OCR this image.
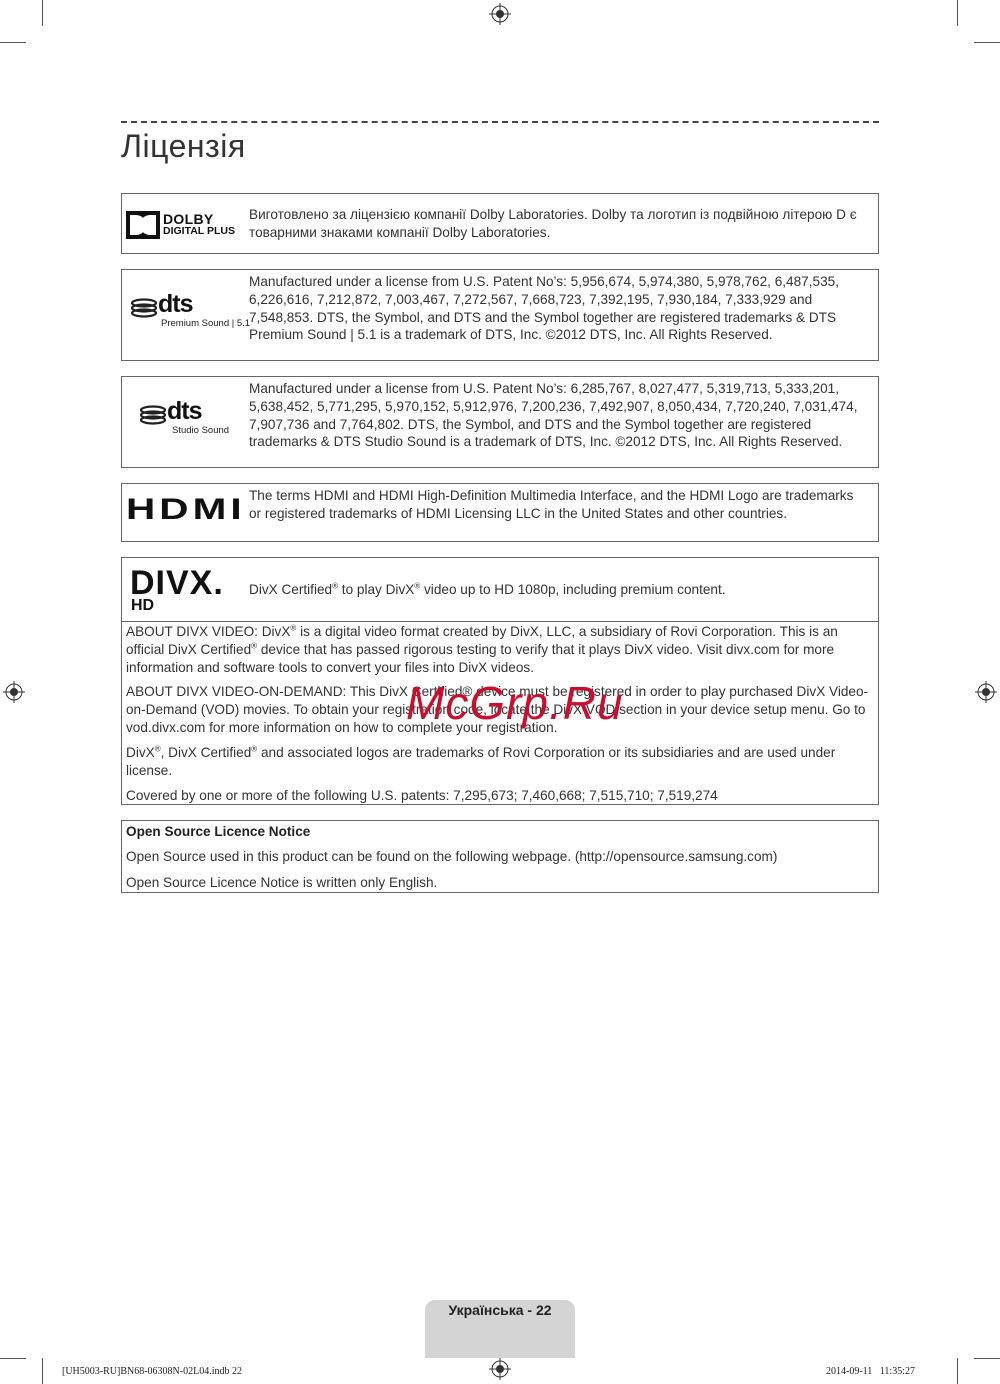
Ліцензія
DOLBY
DIGITAL PLUS
Виготовлено за ліцензією компанії Dolby Laboratories. Dolby та логотип із подвійною літерою D є товарними знаками компанії Dolby Laboratories.
dts
Premium Sound | 5.1
Manufactured under a license from U.S. Patent No’s: 5,956,674, 5,974,380, 5,978,762, 6,487,535, 6,226,616, 7,212,872, 7,003,467, 7,272,567, 7,668,723, 7,392,195, 7,930,184, 7,333,929 and 7,548,853. DTS, the Symbol, and DTS and the Symbol together are registered trademarks & DTS Premium Sound | 5.1 is a trademark of DTS, Inc. ©2012 DTS, Inc. All Rights Reserved.
dts
Studio Sound
Manufactured under a license from U.S. Patent No’s: 6,285,767, 8,027,477, 5,319,713, 5,333,201, 5,638,452, 5,771,295, 5,970,152, 5,912,976, 7,200,236, 7,492,907, 8,050,434, 7,720,240, 7,031,474, 7,907,736 and 7,764,802. DTS, the Symbol, and DTS and the Symbol together are registered trademarks & DTS Studio Sound is a trademark of DTS, Inc. ©2012 DTS, Inc. All Rights Reserved.
HDMI The terms HDMI and HDMI High-Definition Multimedia Interface, and the HDMI Logo are trademarks or registered trademarks of HDMI Licensing LLC in the United States and other countries.
DIVX.
HD
DivX Certified® to play DivX® video up to HD 1080p, including premium content.
ABOUT DIVX VIDEO: DivX® is a digital video format created by DivX, LLC, a subsidiary of Rovi Corporation. This is an official DivX Certified® device that has passed rigorous testing to verify that it plays DivX video. Visit divx.com for more information and software tools to convert your files into DivX videos.
ABOUT DIVX VIDEO-ON-DEMAND: This DivX Certified® device must be registered in order to play purchased DivX Video-on-Demand (VOD) movies. To obtain your registration code, locate the DivX VOD section in your device setup menu. Go to vod.divx.com for more information on how to complete your registration.
DivX®, DivX Certified® and associated logos are trademarks of Rovi Corporation or its subsidiaries and are used under license.
Covered by one or more of the following U.S. patents: 7,295,673; 7,460,668; 7,515,710; 7,519,274
Open Source Licence Notice
Open Source used in this product can be found on the following webpage. (http://opensource.samsung.com)
Open Source Licence Notice is written only English.
McGrp.Ru
Українська - 22
[UH5003-RU]BN68-06308N-02L04.indb 22	2014-09-11   11:35:27
